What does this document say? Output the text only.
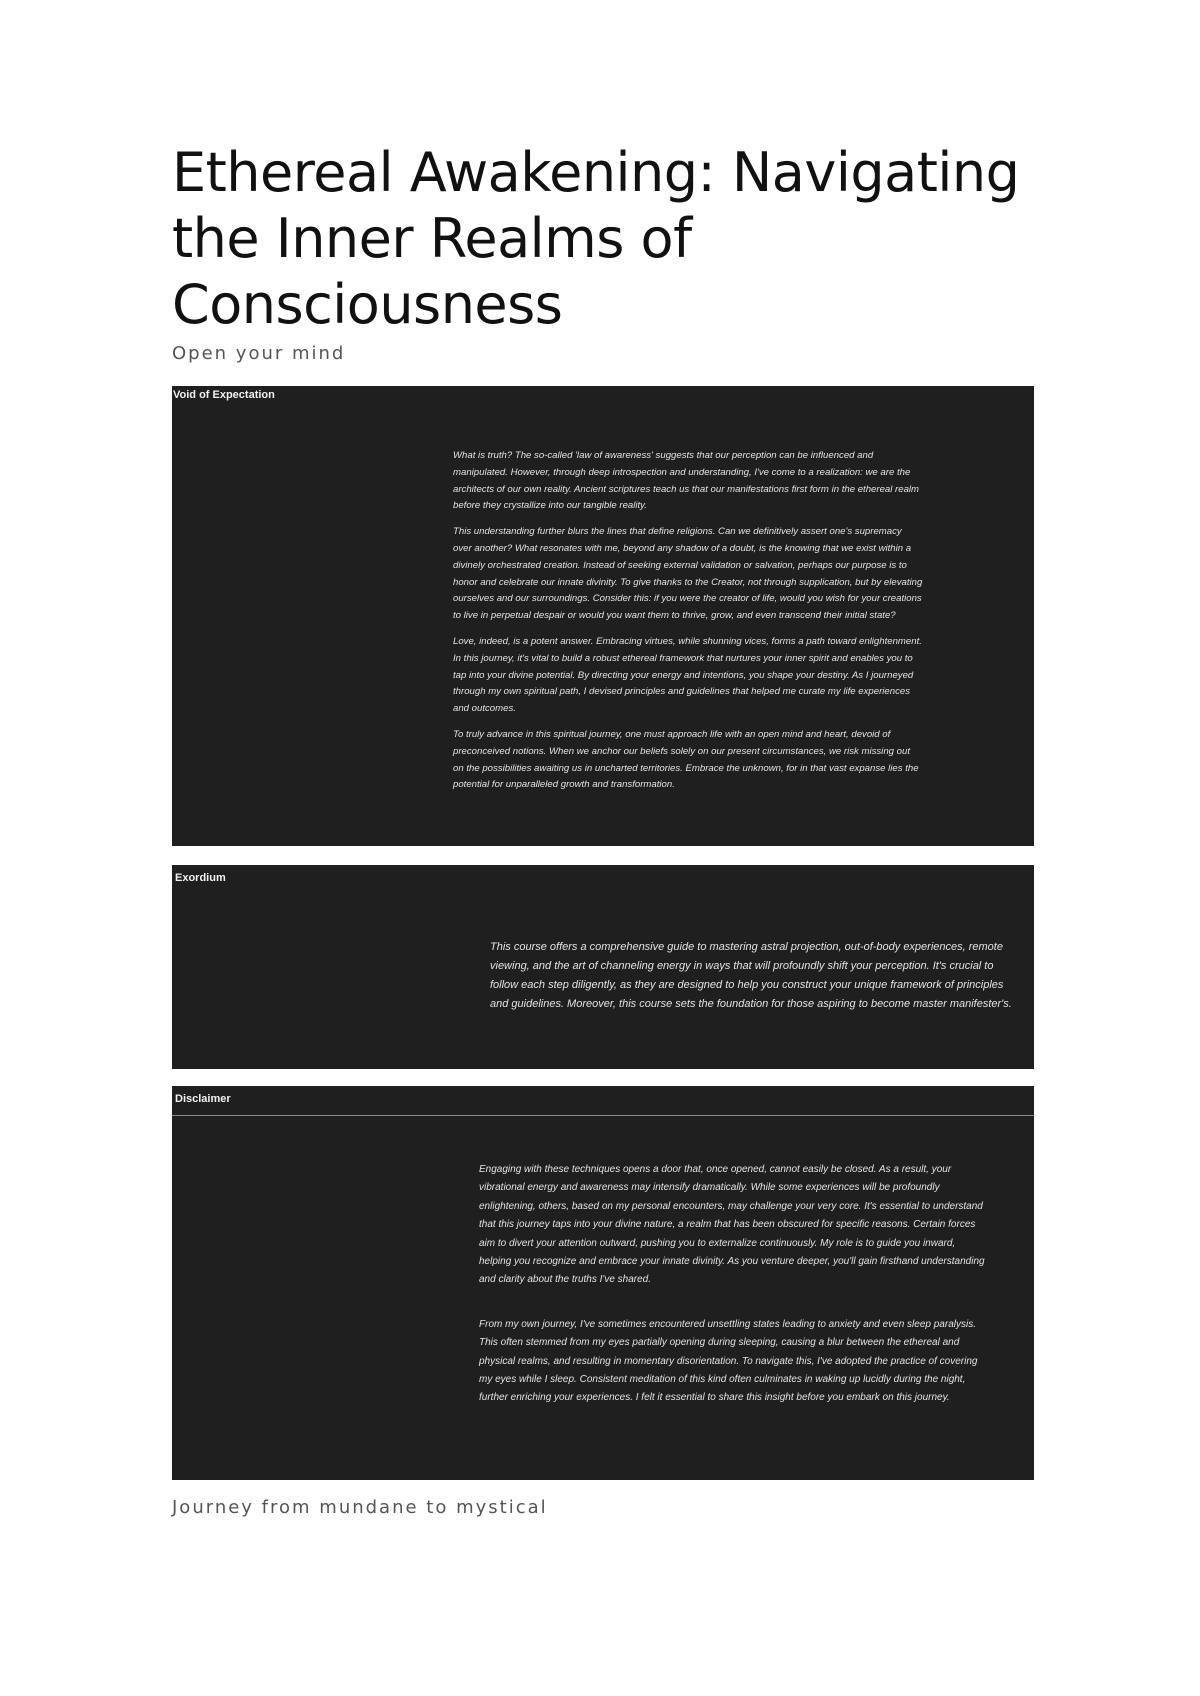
Ethereal Awakening: Navigating the Inner Realms of Consciousness

Open your mind

Void of Expectation

What is truth? The so-called 'law of awareness' suggests that our perception can be influenced and manipulated. However, through deep introspection and understanding, I've come to a realization: we are the architects of our own reality. Ancient scriptures teach us that our manifestations first form in the ethereal realm before they crystallize into our tangible reality.

This understanding further blurs the lines that define religions. Can we definitively assert one's supremacy over another? What resonates with me, beyond any shadow of a doubt, is the knowing that we exist within a divinely orchestrated creation. Instead of seeking external validation or salvation, perhaps our purpose is to honor and celebrate our innate divinity. To give thanks to the Creator, not through supplication, but by elevating ourselves and our surroundings. Consider this: if you were the creator of life, would you wish for your creations to live in perpetual despair or would you want them to thrive, grow, and even transcend their initial state?

Love, indeed, is a potent answer. Embracing virtues, while shunning vices, forms a path toward enlightenment. In this journey, it's vital to build a robust ethereal framework that nurtures your inner spirit and enables you to tap into your divine potential. By directing your energy and intentions, you shape your destiny. As I journeyed through my own spiritual path, I devised principles and guidelines that helped me curate my life experiences and outcomes.

To truly advance in this spiritual journey, one must approach life with an open mind and heart, devoid of preconceived notions. When we anchor our beliefs solely on our present circumstances, we risk missing out on the possibilities awaiting us in uncharted territories. Embrace the unknown, for in that vast expanse lies the potential for unparalleled growth and transformation.

Exordium

This course offers a comprehensive guide to mastering astral projection, out-of-body experiences, remote viewing, and the art of channeling energy in ways that will profoundly shift your perception. It's crucial to follow each step diligently, as they are designed to help you construct your unique framework of principles and guidelines. Moreover, this course sets the foundation for those aspiring to become master manifester's.

Disclaimer

Engaging with these techniques opens a door that, once opened, cannot easily be closed. As a result, your vibrational energy and awareness may intensify dramatically. While some experiences will be profoundly enlightening, others, based on my personal encounters, may challenge your very core. It's essential to understand that this journey taps into your divine nature, a realm that has been obscured for specific reasons. Certain forces aim to divert your attention outward, pushing you to externalize continuously. My role is to guide you inward, helping you recognize and embrace your innate divinity. As you venture deeper, you'll gain firsthand understanding and clarity about the truths I've shared.

From my own journey, I've sometimes encountered unsettling states leading to anxiety and even sleep paralysis. This often stemmed from my eyes partially opening during sleeping, causing a blur between the ethereal and physical realms, and resulting in momentary disorientation. To navigate this, I've adopted the practice of covering my eyes while I sleep. Consistent meditation of this kind often culminates in waking up lucidly during the night, further enriching your experiences. I felt it essential to share this insight before you embark on this journey.

Journey from mundane to mystical
